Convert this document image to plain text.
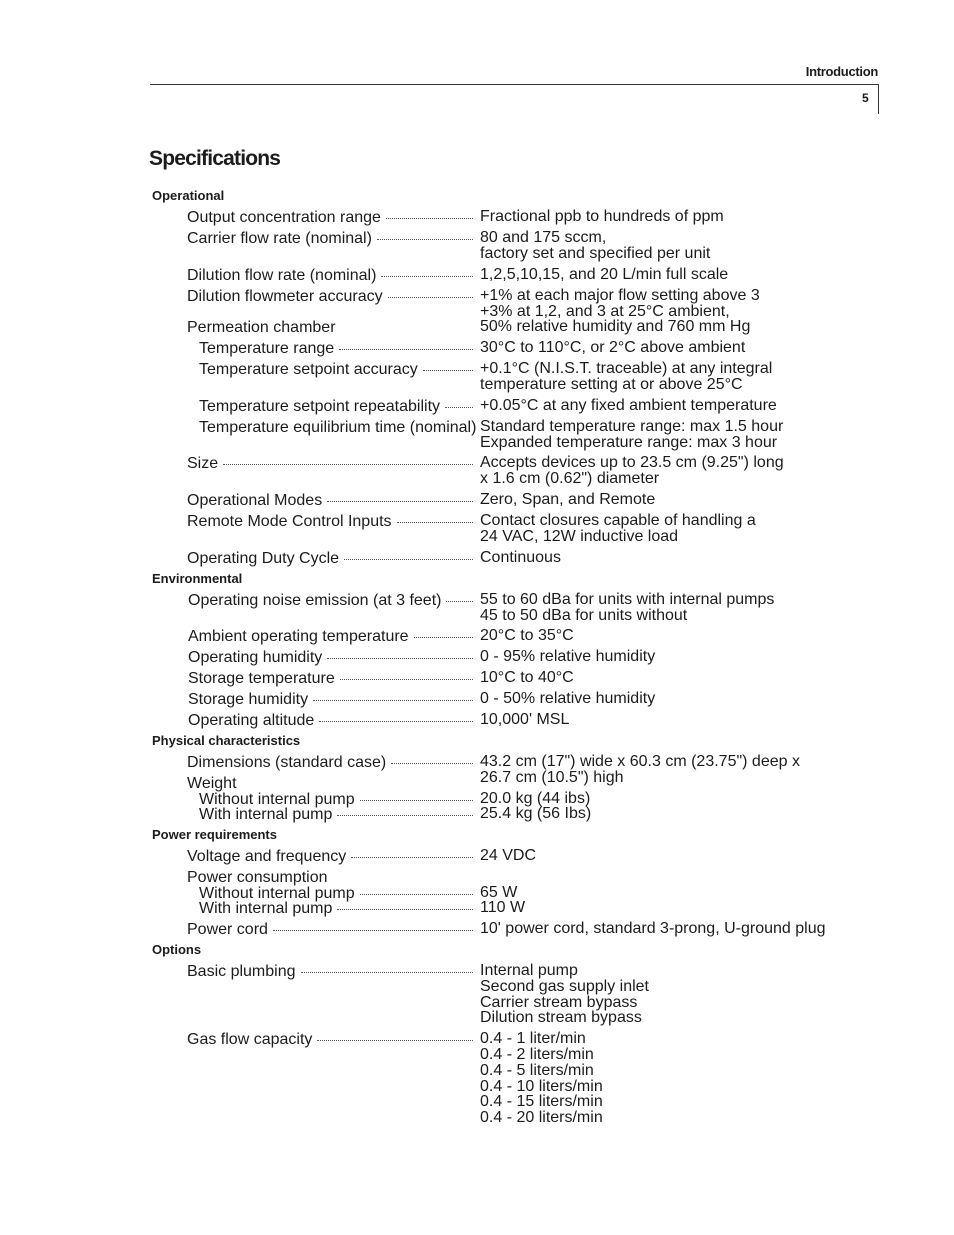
Introduction
5
Specifications
Operational
Output concentration range	Fractional ppb to hundreds of ppm
Carrier flow rate (nominal)	80 and 175 sccm,
factory set and specified per unit
Dilution flow rate (nominal)	1,2,5,10,15, and 20 L/min full scale
Dilution flowmeter accuracy	+1% at each major flow setting above 3
+3% at 1,2, and 3 at 25°C ambient,
Permeation chamber	50% relative humidity and 760 mm Hg
Temperature range	30°C to 110°C, or 2°C above ambient
Temperature setpoint accuracy	+0.1°C (N.I.S.T. traceable) at any integral
temperature setting at or above 25°C
Temperature setpoint repeatability +0.05°C at any fixed ambient temperature
Temperature equilibrium time (nominal) Standard temperature range: max 1.5 hour
Expanded temperature range: max 3 hour
Size	Accepts devices up to 23.5 cm (9.25") long
x 1.6 cm (0.62") diameter
Operational Modes	Zero, Span, and Remote
Remote Mode Control Inputs	Contact closures capable of handling a
24 VAC, 12W inductive load
Operating Duty Cycle	Continuous
Environmental
Operating noise emission (at 3 feet) 55 to 60 dBa for units with internal pumps
45 to 50 dBa for units without
Ambient operating temperature	20°C to 35°C
Operating humidity	0 - 95% relative humidity
Storage temperature	10°C to 40°C
Storage humidity	0 - 50% relative humidity
Operating altitude	10,000' MSL
Physical characteristics
Dimensions (standard case)	43.2 cm (17") wide x 60.3 cm (23.75") deep x
26.7 cm (10.5") high
Weight
Without internal pump	20.0 kg (44 ibs)
With internal pump	25.4 kg (56 Ibs)
Power requirements
Voltage and frequency	24 VDC
Power consumption
Without internal pump	65 W
With internal pump	110 W
Power cord	10' power cord, standard 3-prong, U-ground plug
Options
Basic plumbing	Internal pump
Second gas supply inlet
Carrier stream bypass
Dilution stream bypass
Gas flow capacity	0.4 - 1 liter/min
0.4 - 2 liters/min
0.4 - 5 liters/min
0.4 - 10 liters/min
0.4 - 15 liters/min
0.4 - 20 liters/min
